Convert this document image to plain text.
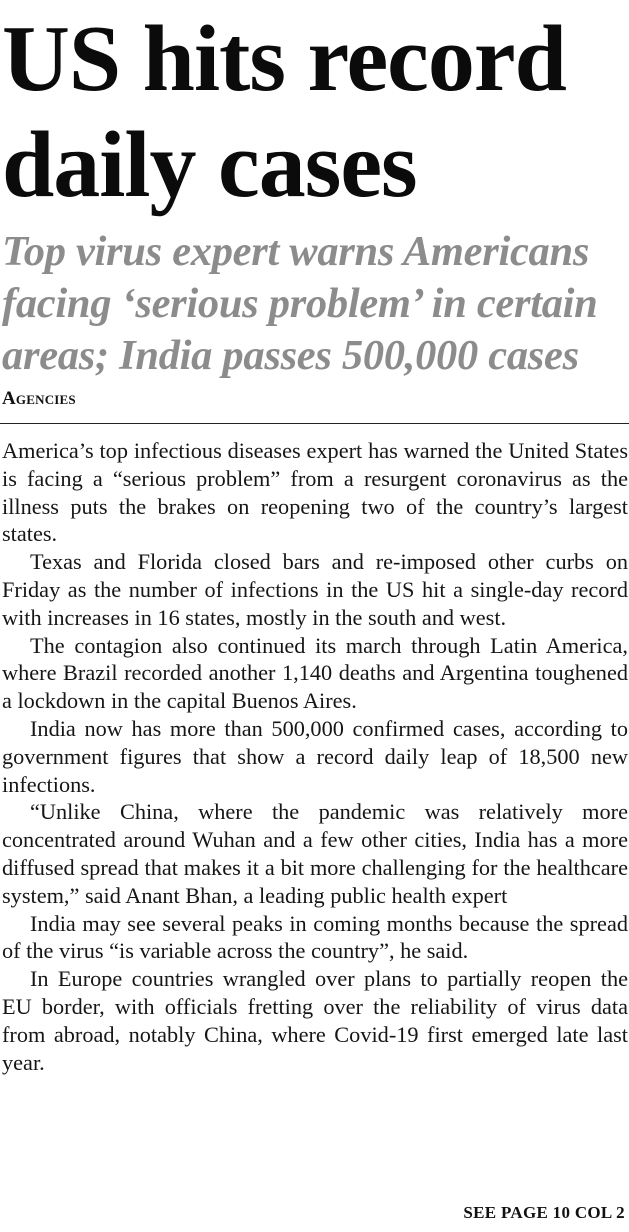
US hits record
daily cases

Top virus expert warns Americans facing ‘serious problem’ in certain areas; India passes 500,000 cases

Agencies

America’s top infectious diseases expert has warned the United States is facing a “serious problem” from a resurgent coronavirus as the illness puts the brakes on reopening two of the country’s largest states.

Texas and Florida closed bars and re-imposed other curbs on Friday as the number of infections in the US hit a single-day record with increases in 16 states, mostly in the south and west.

The contagion also continued its march through Latin America, where Brazil recorded another 1,140 deaths and Argentina toughened a lockdown in the capital Buenos Aires.

India now has more than 500,000 confirmed cases, according to government figures that show a record daily leap of 18,500 new infections.

“Unlike China, where the pandemic was relatively more concentrated around Wuhan and a few other cities, India has a more diffused spread that makes it a bit more challenging for the healthcare system,” said Anant Bhan, a leading public health expert

India may see several peaks in coming months because the spread of the virus “is variable across the country”, he said.

In Europe countries wrangled over plans to partially reopen the EU border, with officials fretting over the reliability of virus data from abroad, notably China, where Covid-19 first emerged late last year.

SEE PAGE 10 COL 2
